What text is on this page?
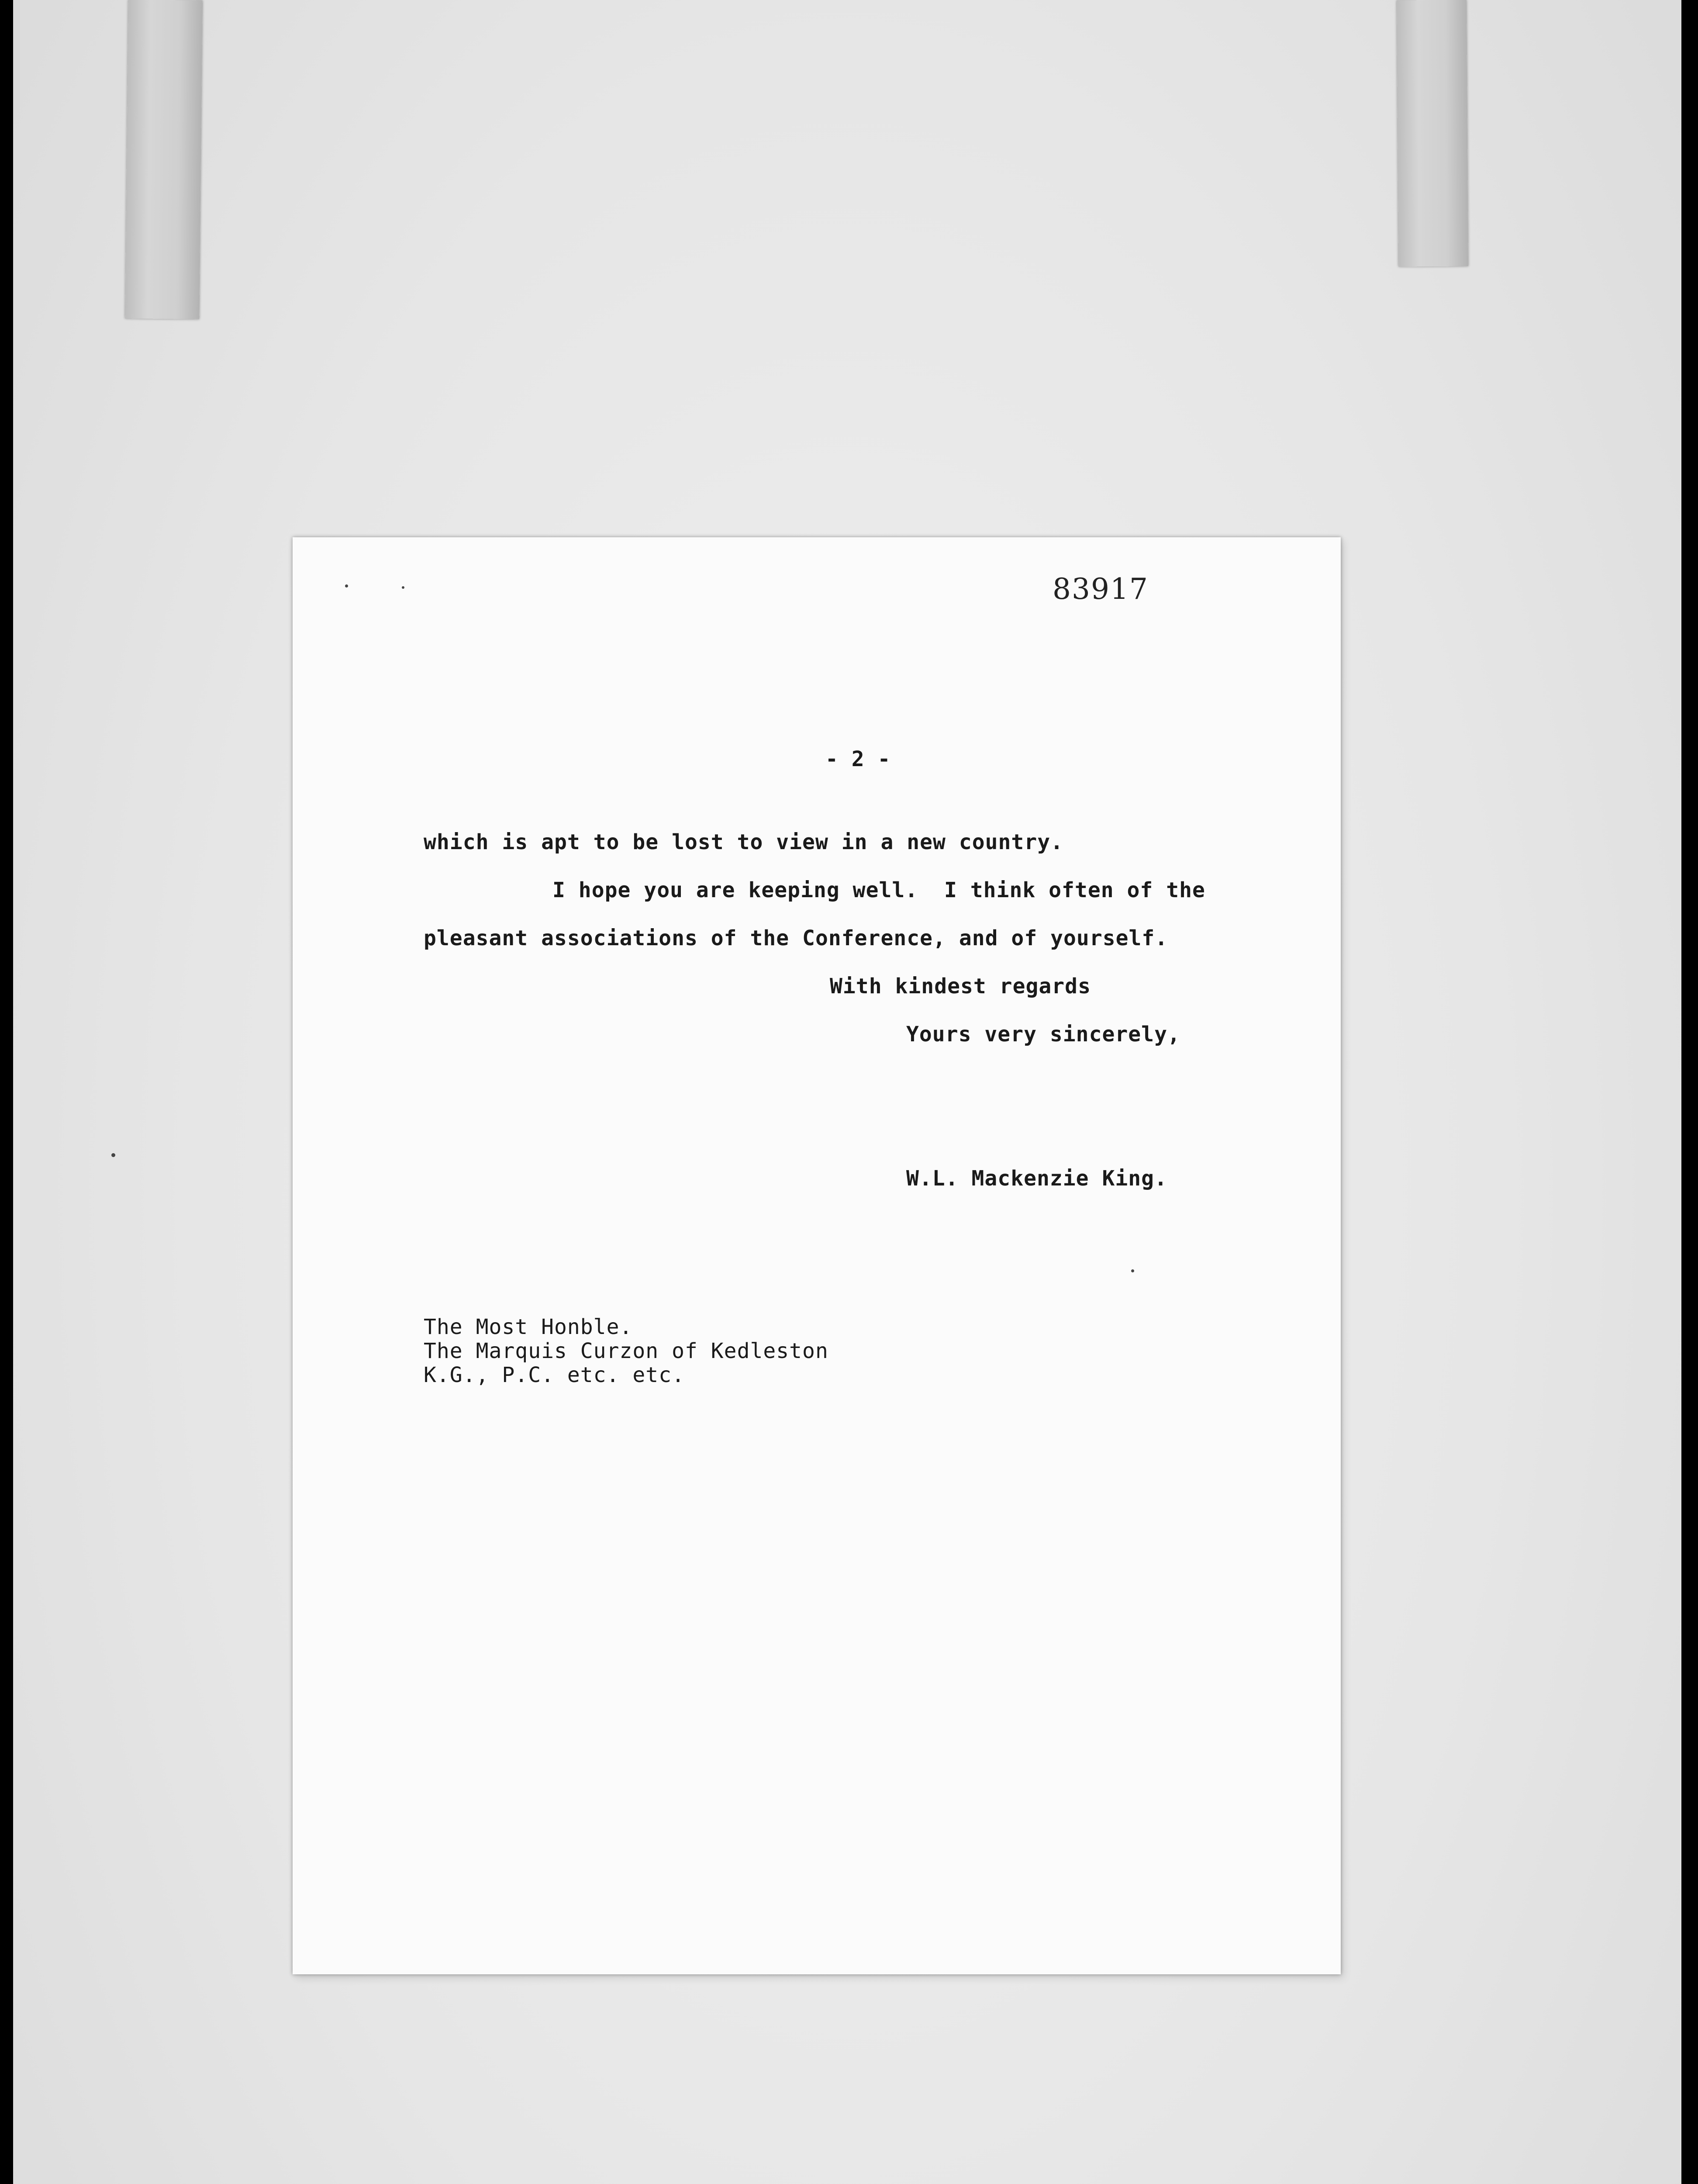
83917
- 2 -
which is apt to be lost to view in a new country.
I hope you are keeping well.  I think often of the
pleasant associations of the Conference, and of yourself.
With kindest regards
Yours very sincerely,
W.L. Mackenzie King.
The Most Honble.
The Marquis Curzon of Kedleston
K.G., P.C. etc. etc.
